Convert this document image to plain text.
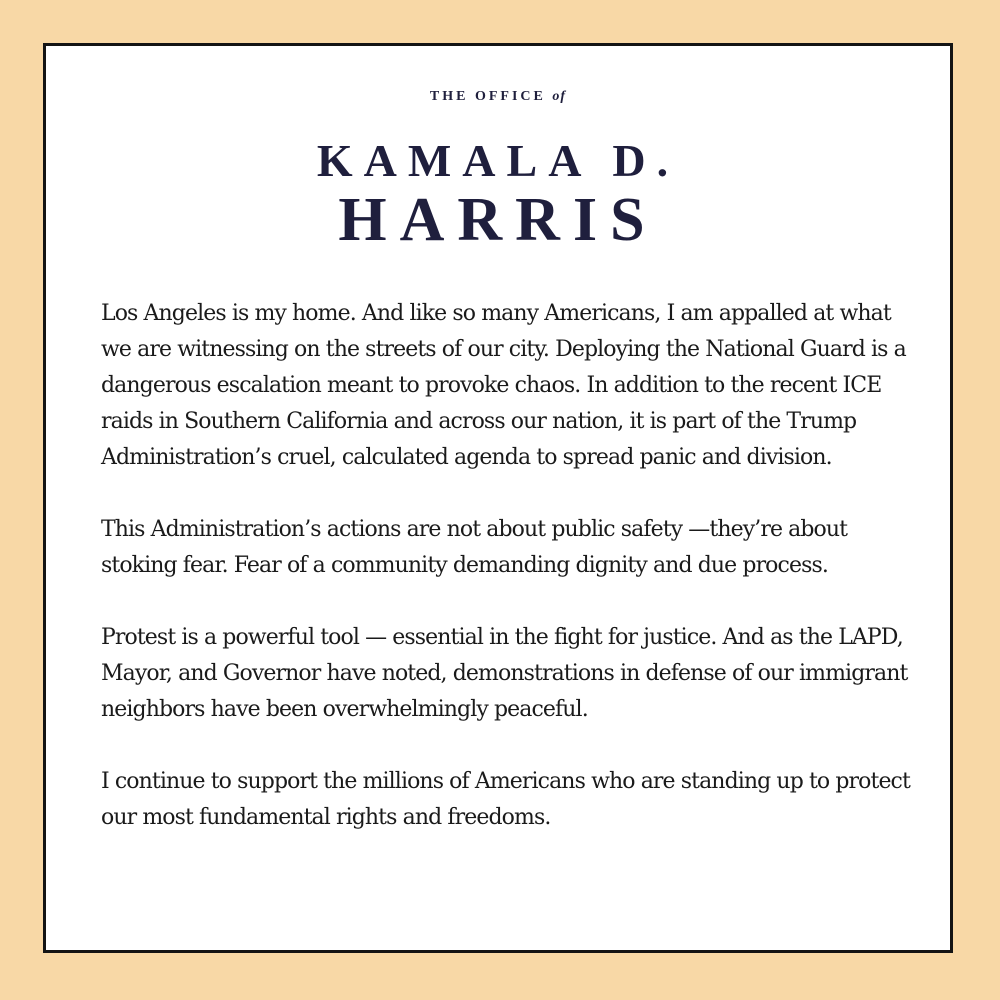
THE OFFICE of
KAMALA D.
HARRIS

Los Angeles is my home. And like so many Americans, I am appalled at what we are witnessing on the streets of our city. Deploying the National Guard is a dangerous escalation meant to provoke chaos. In addition to the recent ICE raids in Southern California and across our nation, it is part of the Trump Administration’s cruel, calculated agenda to spread panic and division.

This Administration’s actions are not about public safety —they’re about stoking fear. Fear of a community demanding dignity and due process.

Protest is a powerful tool — essential in the fight for justice. And as the LAPD, Mayor, and Governor have noted, demonstrations in defense of our immigrant neighbors have been overwhelmingly peaceful.

I continue to support the millions of Americans who are standing up to protect our most fundamental rights and freedoms.
